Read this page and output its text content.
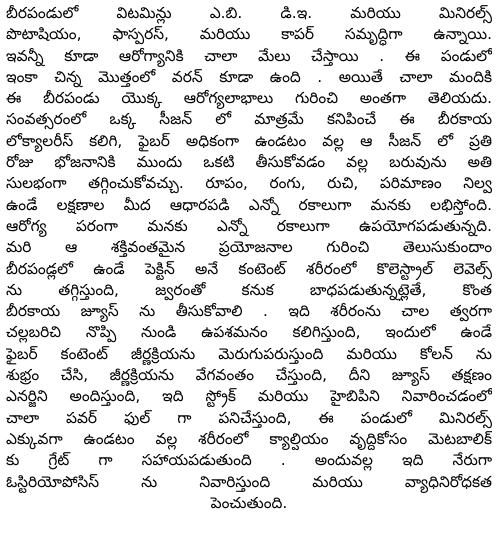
బీరపండులో విటమిన్లు ఎ.బి. డి.ఇ. మరియు మినిరల్స్
పొటాషియం, ఫాస్పరస్, మరియు కాపర్ సమృద్ధిగా ఉన్నాయి.
ఇవన్నీ కూడా ఆరోగ్యానికి చాలా మేలు చేస్తాయి . ఈ పండులో
ఇంకా చిన్న మొత్తంలో వరన్ కూడా ఉంది . అయితే చాలా మందికి
ఈ బీరపండు యొక్క ఆరోగ్యలాభాలు గురించి అంతగా తెలియదు.
సంవత్సరంలో ఒక్క సీజన్ లో మాత్రమే కనిపించే ఈ బీరకాయ
లోక్యాలరీస్ కలిగి, ఫైబర్ అధికంగా ఉండటం వల్ల ఆ సీజన్ లో ప్రతి
రోజు భోజనానికి ముందు ఒకటి తీసుకోవడం వల్ల బరువును అతి
సులభంగా తగ్గించుకోవచ్చు. రూపం, రంగు, రుచి, పరిమాణం నిల్వ
ఉండే లక్షణాల మీద ఆధారపడి ఎన్నో రకాలుగా మనకు లభిస్తోంది.
ఆరోగ్య పరంగా మనకు ఎన్నో రకాలుగా ఉపయోగపడుతున్నది.
మరి ఆ శక్తివంతమైన ప్రయోజనాల గురించి తెలుసుకుందాం
బీరపండ్లలో ఉండే పెక్టిన్ అనే కంటెంట్ శరీరంలో కొలెస్ట్రాల్ లెవెల్స్
ను తగ్గిస్తుంది, జ్వరంతో కనుక బాధపడుతున్నట్లైతే, కొంత
బీరకాయ జ్యూస్ ను తీసుకోవాలి . ఇది శరీరంను చాల త్వరగా
చల్లబరిచి నొప్పి నుండి ఉపశమనం కలిగిస్తుంది, ఇందులో ఉండే
ఫైబర్ కంటెంట్ జీర్ణక్రియను మెరుగుపరుస్తుంది మరియు కోలన్ ను
శుభ్రం చేసి, జీర్ణక్రియను వేగవంతం చేస్తుంది, దీని జ్యూస్ తక్షణం
ఎనర్జిని అందిస్తుంది, ఇది స్ట్రోక్ మరియు హైబిపిని నివారించడంలో
చాలా పవర్ ఫుల్ గా పనిచేస్తుంది, ఈ పండులో మినిరల్స్
ఎక్కువగా ఉండటం వల్ల శరీరంలో క్యాల్షియం వృద్దికోసం మెటబాలిక్
కు గ్రేట్ గా సహాయపడుతుంది . అందువల్ల ఇది నేరుగా
ఓస్టిరియోపోసిస్ ను నివారిస్తుంది మరియు వ్యాధినిరోధకత
పెంచుతుంది.
